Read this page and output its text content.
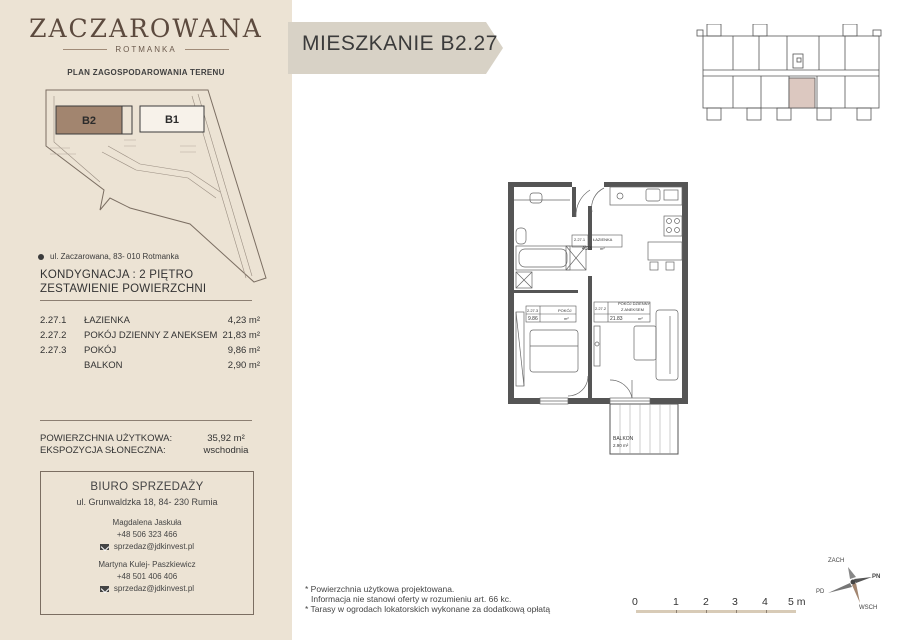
ZACZAROWANA
ROTMANKA
PLAN ZAGOSPODAROWANIA TERENU
B2	B1
ul. Zaczarowana, 83- 010 Rotmanka
KONDYGNACJA : 2 PIĘTRO
ZESTAWIENIE POWIERZCHNI
2.27.1	ŁAZIENKA	4,23 m²
2.27.2	POKÓJ DZIENNY Z ANEKSEM 21,83 m²
2.27.3	POKÓJ	9,86 m²
BALKON	2,90 m²
POWIERZCHNIA UŻYTKOWA:	35,92 m²
EKSPOZYCJA SŁONECZNA:	wschodnia
BIURO SPRZEDAŻY
ul. Grunwaldzka 18, 84- 230 Rumia
Magdalena Jaskuła
+48 506 323 466
sprzedaz@jdkinvest.pl
Martyna Kulej- Paszkiewicz
+48 501 406 406
sprzedaz@jdkinvest.pl
MIESZKANIE B2.27
2.27.1 ŁAZIENKA
4.23 m²
2.27.3	POKÓJ
9.86	m²
2.27.2
POKÓJ DZIENNY
Z ANEKSEM
21.83	m²
BALKON
2.90 m²
* Powierzchnia użytkowa projektowana.
Informacja nie stanowi oferty w rozumieniu art. 66 kc.
* Tarasy w ogrodach lokatorskich wykonane za dodatkową opłatą
0	1 2 3 4 5 m
ZACH
PN
WSCH
PD
